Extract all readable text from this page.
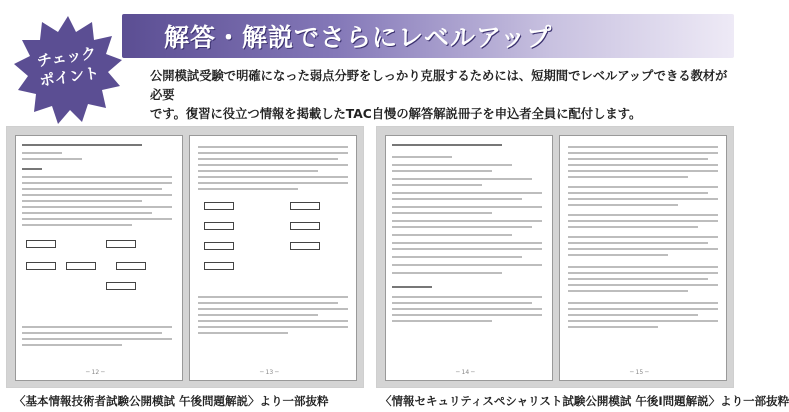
チェック
ポイント
解答・解説でさらにレベルアップ
公開模試受験で明確になった弱点分野をしっかり克服するためには、短期間でレベルアップできる教材が必要
です。復習に役立つ情報を掲載したTAC自慢の解答解説冊子を申込者全員に配付します。
─ 12 ─	─ 13 ─
〈基本情報技術者試験公開模試 午後問題解説〉より一部抜粋
─ 14 ─	─ 15 ─
〈情報セキュリティスペシャリスト試験公開模試 午後Ⅰ問題解説〉より一部抜粋
